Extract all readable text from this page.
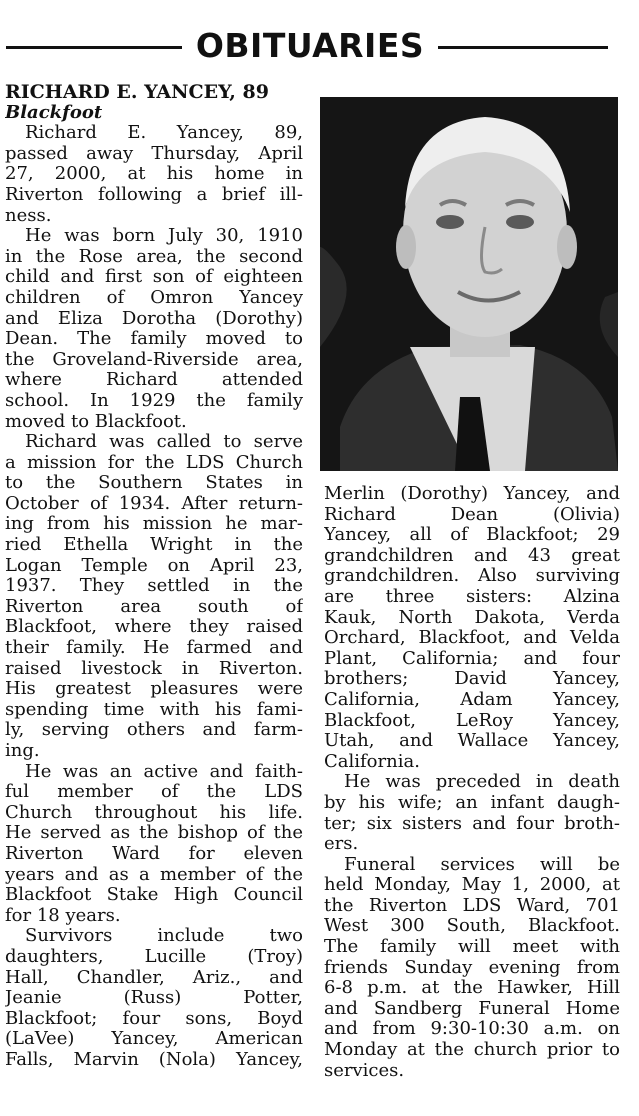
OBITUARIES
RICHARD E. YANCEY, 89
Blackfoot
Richard E. Yancey, 89,
passed away Thursday, April
27, 2000, at his home in
Riverton following a brief ill-
ness.
He was born July 30, 1910
in the Rose area, the second
child and first son of eighteen
children of Omron Yancey
and Eliza Dorotha (Dorothy)
Dean. The family moved to
the Groveland-Riverside area,
where Richard attended
school. In 1929 the family
moved to Blackfoot.
Richard was called to serve
a mission for the LDS Church
to the Southern States in
October of 1934. After return-
ing from his mission he mar-
ried Ethella Wright in the
Logan Temple on April 23,
1937. They settled in the
Riverton area south of
Blackfoot, where they raised
their family. He farmed and
raised livestock in Riverton.
His greatest pleasures were
spending time with his fami-
ly, serving others and farm-
ing.
He was an active and faith-
ful member of the LDS
Church throughout his life.
He served as the bishop of the
Riverton Ward for eleven
years and as a member of the
Blackfoot Stake High Council
for 18 years.
Survivors include two
daughters, Lucille (Troy)
Hall, Chandler, Ariz., and
Jeanie (Russ) Potter,
Blackfoot; four sons, Boyd
(LaVee) Yancey, American
Falls, Marvin (Nola) Yancey,
Merlin (Dorothy) Yancey, and
Richard Dean (Olivia)
Yancey, all of Blackfoot; 29
grandchildren and 43 great
grandchildren. Also surviving
are three sisters: Alzina
Kauk, North Dakota, Verda
Orchard, Blackfoot, and Velda
Plant, California; and four
brothers; David Yancey,
California, Adam Yancey,
Blackfoot, LeRoy Yancey,
Utah, and Wallace Yancey,
California.
He was preceded in death
by his wife; an infant daugh-
ter; six sisters and four broth-
ers.
Funeral services will be
held Monday, May 1, 2000, at
the Riverton LDS Ward, 701
West 300 South, Blackfoot.
The family will meet with
friends Sunday evening from
6-8 p.m. at the Hawker, Hill
and Sandberg Funeral Home
and from 9:30-10:30 a.m. on
Monday at the church prior to
services.
